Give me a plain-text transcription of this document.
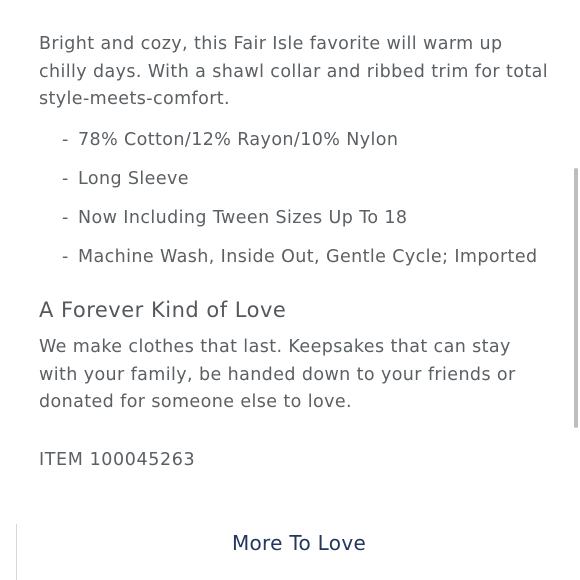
Bright and cozy, this Fair Isle favorite will warm up chilly days. With a shawl collar and ribbed trim for total style-meets-comfort.

- 78% Cotton/12% Rayon/10% Nylon
- Long Sleeve
- Now Including Tween Sizes Up To 18
- Machine Wash, Inside Out, Gentle Cycle; Imported
A Forever Kind of Love

We make clothes that last. Keepsakes that can stay with your family, be handed down to your friends or donated for someone else to love.

ITEM 100045263
More To Love
